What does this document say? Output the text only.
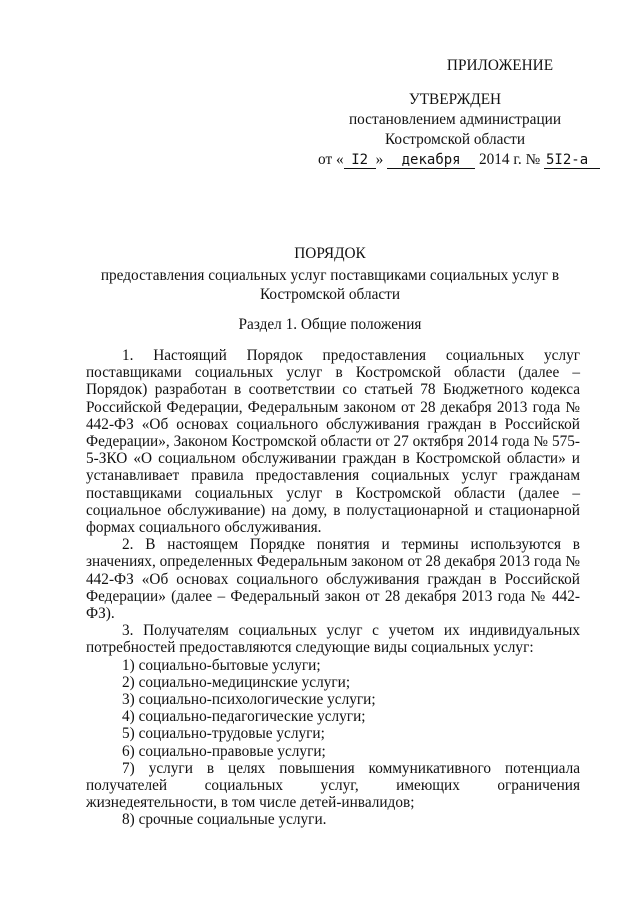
ПРИЛОЖЕНИЕ
УТВЕРЖДЕН
постановлением администрации
Костромской области
от « I2 » декабря 2014 г. № 5I2-а
ПОРЯДОК
предоставления социальных услуг поставщиками социальных услуг в Костромской области
Раздел 1. Общие положения

1. Настоящий Порядок предоставления социальных услуг поставщиками социальных услуг в Костромской области (далее – Порядок) разработан в соответствии со статьей 78 Бюджетного кодекса Российской Федерации, Федеральным законом от 28 декабря 2013 года № 442-ФЗ «Об основах социального обслуживания граждан в Российской Федерации», Законом Костромской области от 27 октября 2014 года № 575-5-ЗКО «О социальном обслуживании граждан в Костромской области» и устанавливает правила предоставления социальных услуг гражданам поставщиками социальных услуг в Костромской области (далее – социальное обслуживание) на дому, в полустационарной и стационарной формах социального обслуживания.

2. В настоящем Порядке понятия и термины используются в значениях, определенных Федеральным законом от 28 декабря 2013 года № 442-ФЗ «Об основах социального обслуживания граждан в Российской Федерации» (далее – Федеральный закон от 28 декабря 2013 года № 442-ФЗ).

3. Получателям социальных услуг с учетом их индивидуальных потребностей предоставляются следующие виды социальных услуг:

1) социально-бытовые услуги;
2) социально-медицинские услуги;
3) социально-психологические услуги;
4) социально-педагогические услуги;
5) социально-трудовые услуги;
6) социально-правовые услуги;
7) услуги в целях повышения коммуникативного потенциала получателей социальных услуг, имеющих ограничения жизнедеятельности, в том числе детей-инвалидов;
8) срочные социальные услуги.
